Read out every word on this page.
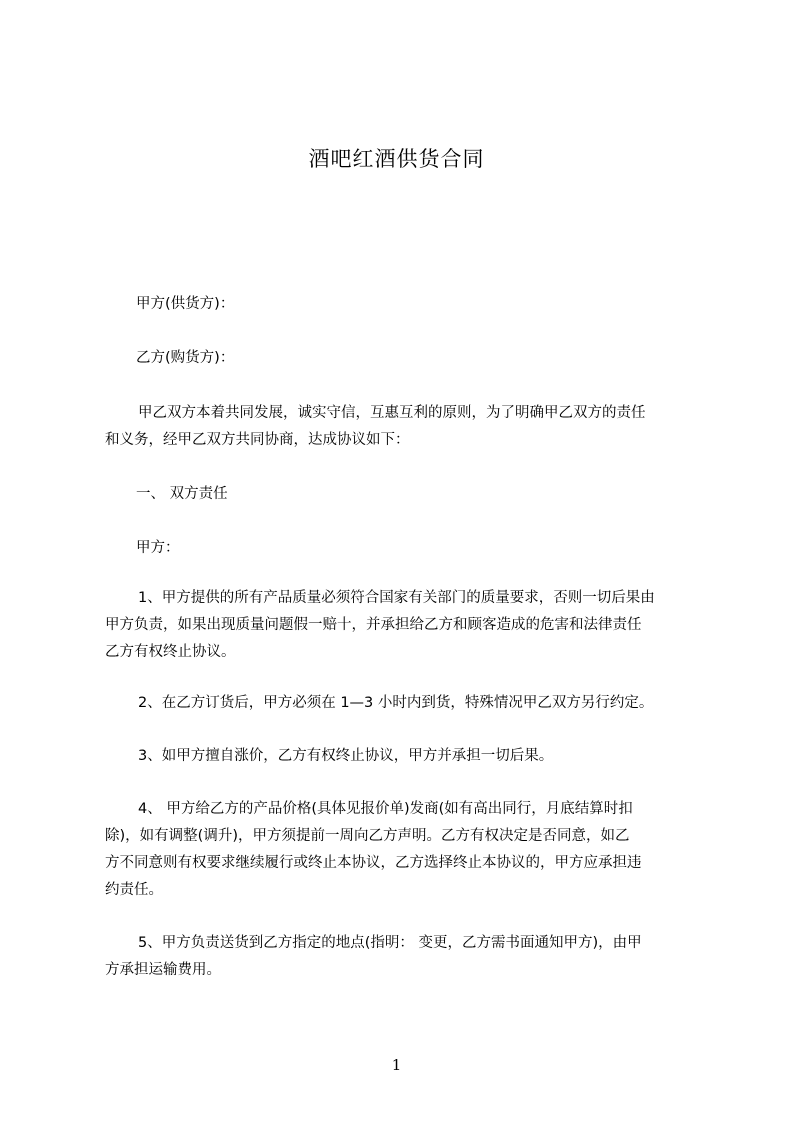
酒吧红酒供货合同
甲方(供货方)：
乙方(购货方)：
甲乙双方本着共同发展，诚实守信，互惠互利的原则，为了明确甲乙双方的责任
和义务，经甲乙双方共同协商，达成协议如下：
一、 双方责任
甲方：
1、甲方提供的所有产品质量必须符合国家有关部门的质量要求，否则一切后果由
甲方负责，如果出现质量问题假一赔十，并承担给乙方和顾客造成的危害和法律责任
乙方有权终止协议。
2、在乙方订货后，甲方必须在 1—3 小时内到货，特殊情况甲乙双方另行约定。
3、如甲方擅自涨价，乙方有权终止协议，甲方并承担一切后果。
4、 甲方给乙方的产品价格(具体见报价单)发商(如有高出同行，月底结算时扣
除)，如有调整(调升)，甲方须提前一周向乙方声明。乙方有权决定是否同意，如乙
方不同意则有权要求继续履行或终止本协议，乙方选择终止本协议的，甲方应承担违
约责任。
5、甲方负责送货到乙方指定的地点(指明： 变更，乙方需书面通知甲方)，由甲
方承担运输费用。
1
